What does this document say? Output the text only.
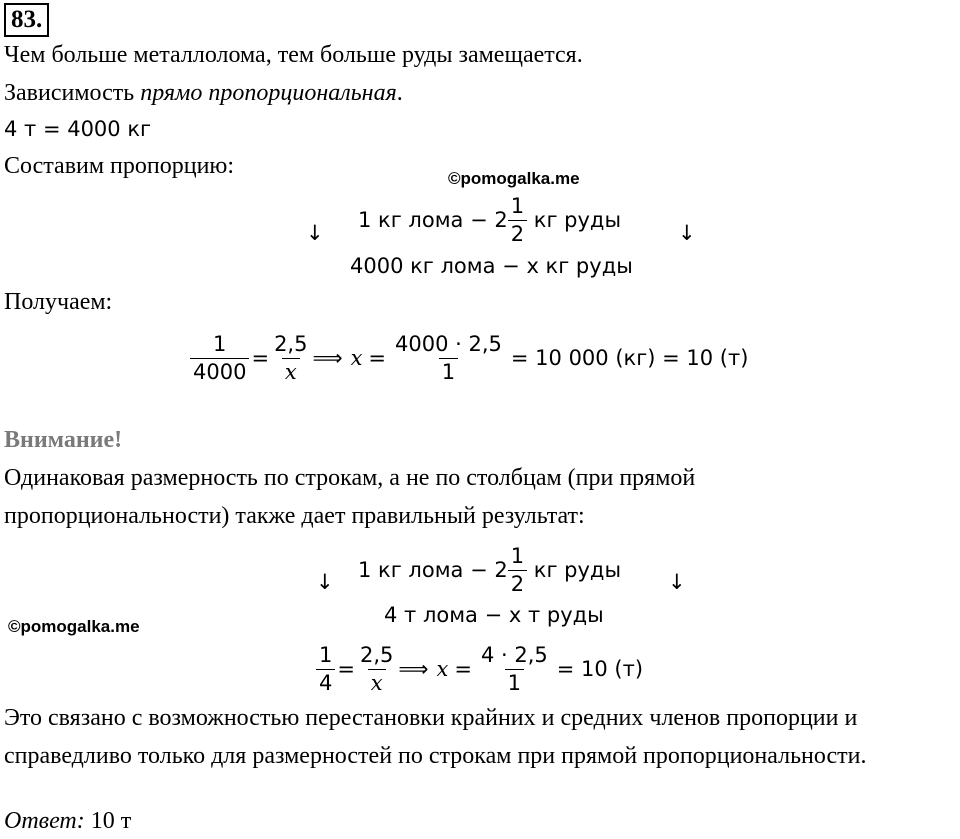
83.
Чем больше металлолома, тем больше руды замещается.
Зависимость прямо пропорциональная.
4 т = 4000 кг
Составим пропорцию:	©pomogalka.me
↓
1 кг лома − $2 \frac{1}{2}$ кг руды
↓
4000 кг лома − x кг руды
Получаем:
$\frac{1}{4000} = \frac{2,5}{x}$ ⟹ $x = \frac{4000 \cdot 2,5}{1} = 10$ 000 (кг) = 10 (т)
Внимание!
Одинаковая размерность по строкам, а не по столбцам (при прямой
пропорциональности) также дает правильный результат:
↓ 1 кг лома − $2 \frac{1}{2}$ кг руды ↓
4 т лома − x т руды
©pomogalka.me
$\frac{1}{4} = \frac{2,5}{x}$ ⟹ $x = \frac{4 \cdot 2,5}{1} = 10$ (т)
Это связано с возможностью перестановки крайних и средних членов пропорции и
справедливо только для размерностей по строкам при прямой пропорциональности.
Ответ: 10 т
